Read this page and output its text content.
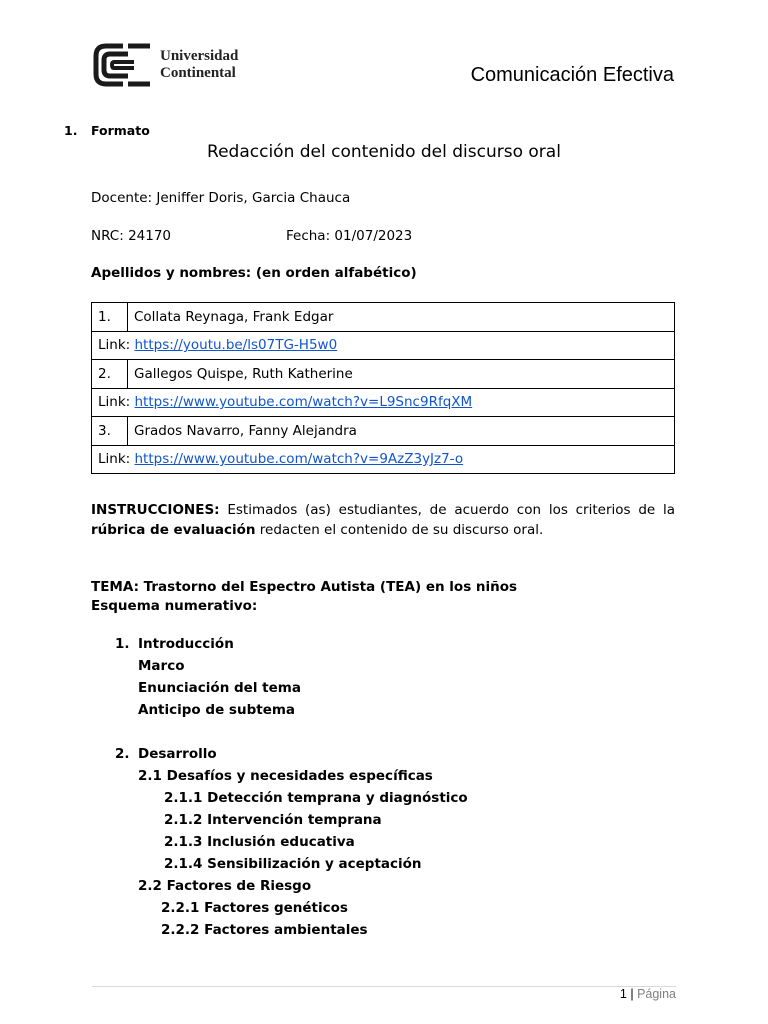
Universidad
Continental	Comunicación Efectiva
1. Formato
Redacción del contenido del discurso oral
Docente: Jeniffer Doris, Garcia Chauca
NRC: 24170	Fecha: 01/07/2023
Apellidos y nombres: (en orden alfabético)
1.	Collata Reynaga, Frank Edgar
Link: https://youtu.be/ls07TG-H5w0	
2.	Gallegos Quispe, Ruth Katherine
Link: https://www.youtube.com/watch?v=L9Snc9RfqXM	
3.	Grados Navarro, Fanny Alejandra
Link: https://www.youtube.com/watch?v=9AzZ3yJz7-o	
INSTRUCCIONES: Estimados (as) estudiantes, de acuerdo con los criterios de la rúbrica de evaluación redacten el contenido de su discurso oral.
TEMA: Trastorno del Espectro Autista (TEA) en los niños
Esquema numerativo:
1. Introducción
Marco
Enunciación del tema
Anticipo de subtema
2. Desarrollo
2.1 Desafíos y necesidades específicas
2.1.1 Detección temprana y diagnóstico
2.1.2 Intervención temprana
2.1.3 Inclusión educativa
2.1.4 Sensibilización y aceptación
2.2 Factores de Riesgo
2.2.1 Factores genéticos
2.2.2 Factores ambientales
1 | Página
